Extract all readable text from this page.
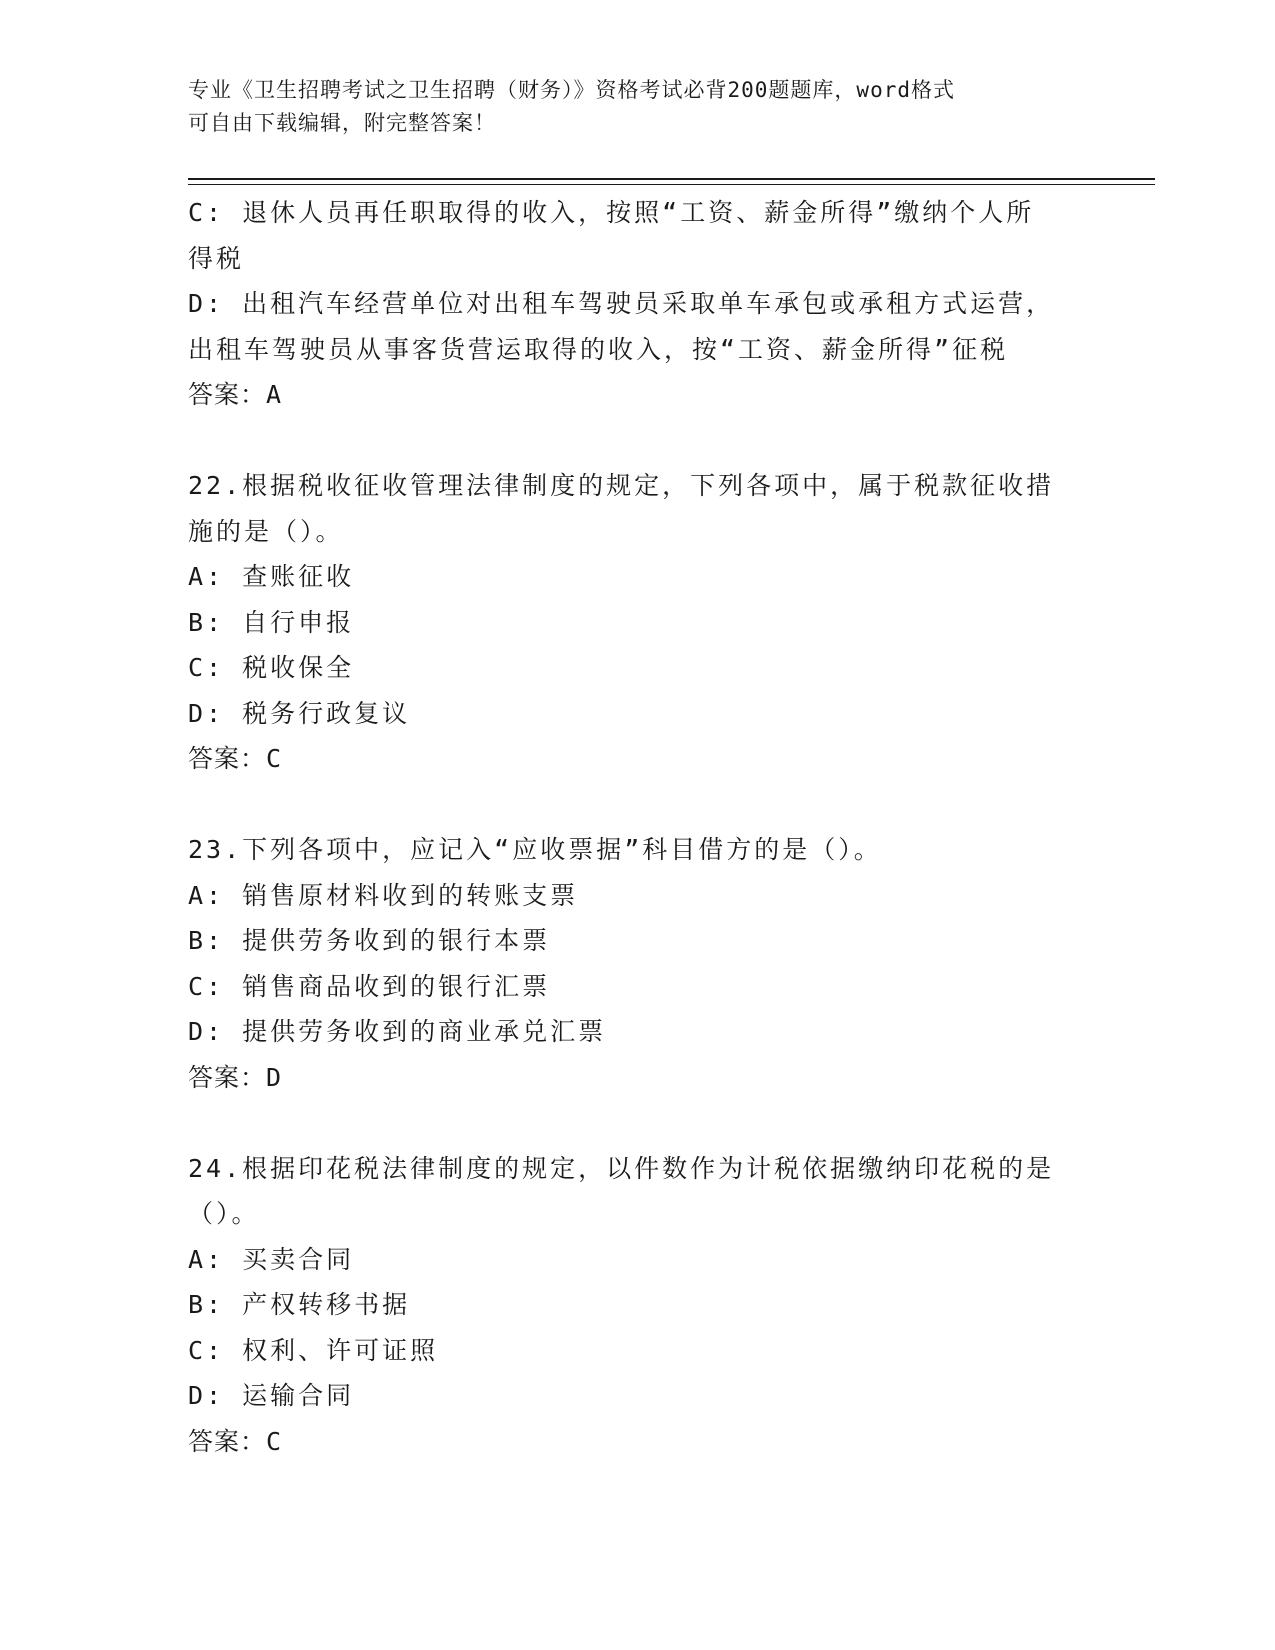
专业《卫生招聘考试之卫生招聘（财务）》资格考试必背200题题库，word格式
可自由下载编辑，附完整答案！
C: 退休人员再任职取得的收入，按照“工资、薪金所得”缴纳个人所
得税
D: 出租汽车经营单位对出租车驾驶员采取单车承包或承租方式运营，
出租车驾驶员从事客货营运取得的收入，按“工资、薪金所得”征税
答案：A
22.根据税收征收管理法律制度的规定，下列各项中，属于税款征收措
施的是（）。
A: 查账征收
B: 自行申报
C: 税收保全
D: 税务行政复议
答案：C
23.下列各项中，应记入“应收票据”科目借方的是（）。
A: 销售原材料收到的转账支票
B: 提供劳务收到的银行本票
C: 销售商品收到的银行汇票
D: 提供劳务收到的商业承兑汇票
答案：D
24.根据印花税法律制度的规定，以件数作为计税依据缴纳印花税的是
（）。
A: 买卖合同
B: 产权转移书据
C: 权利、许可证照
D: 运输合同
答案：C
